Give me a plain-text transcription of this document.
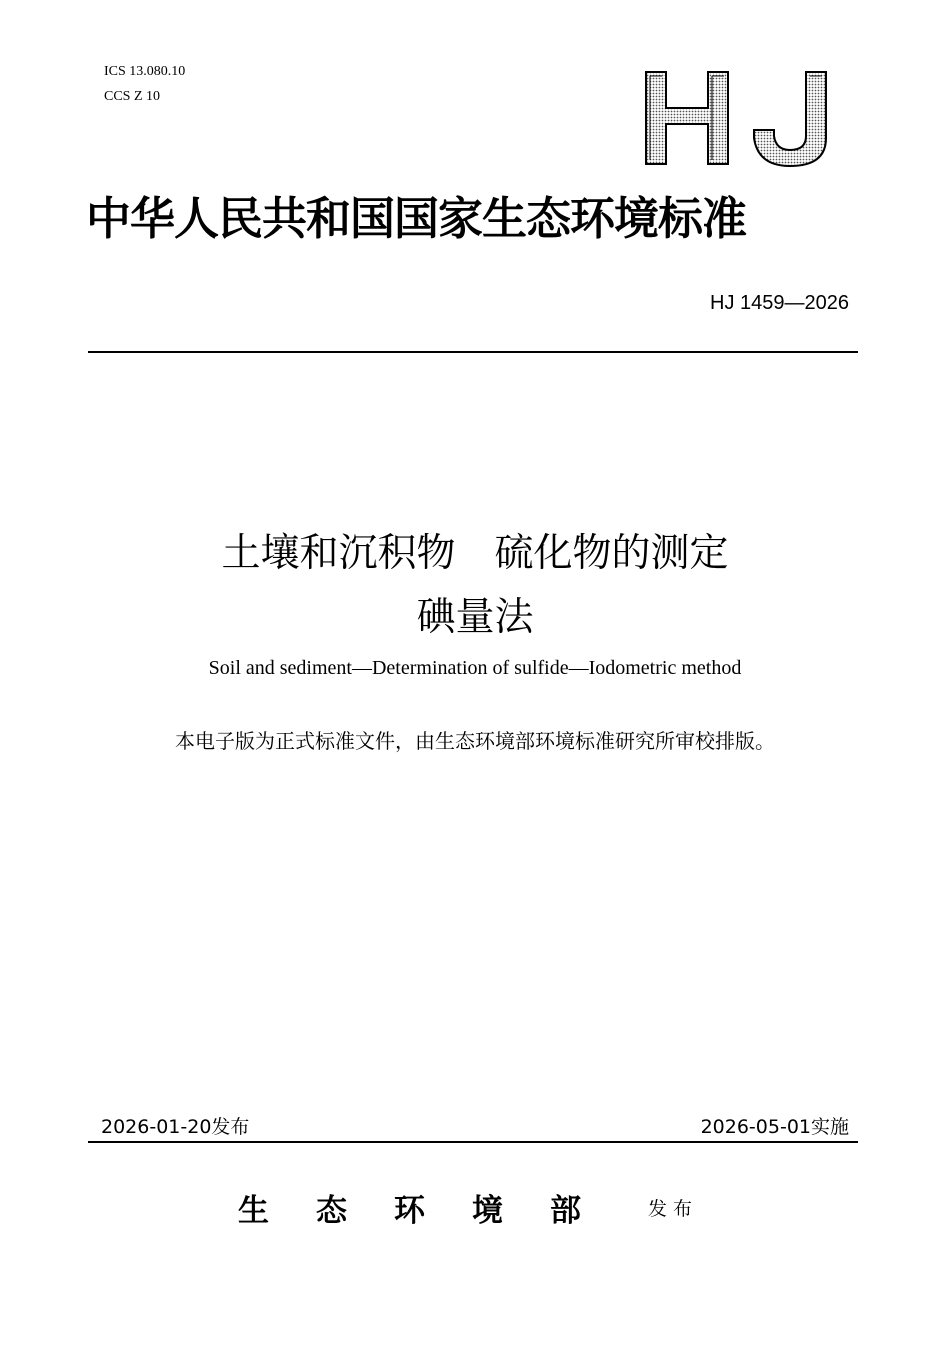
ICS 13.080.10
CCS Z 10
中华人民共和国国家生态环境标准
HJ 1459—2026
土壤和沉积物　硫化物的测定
碘量法
Soil and sediment—Determination of sulfide—Iodometric method
本电子版为正式标准文件，由生态环境部环境标准研究所审校排版。
2026-01-20发布	2026-05-01实施
生态环境部 发布
